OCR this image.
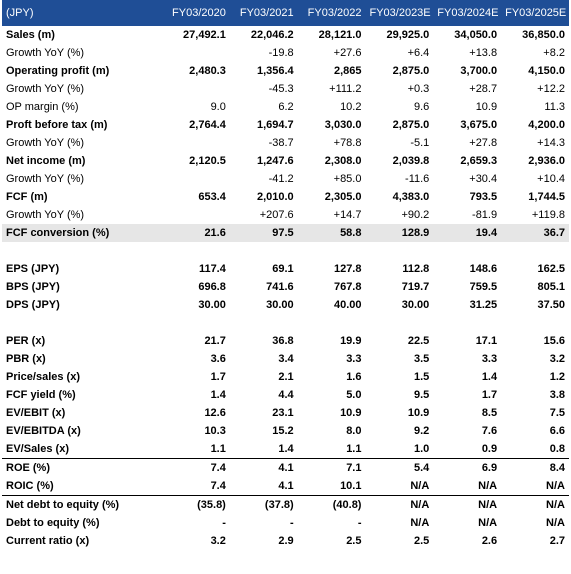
(JPY)	FY03/2020	FY03/2021	FY03/2022	FY03/2023E	FY03/2024E	FY03/2025E
Sales (m)	27,492.1	22,046.2	28,121.0	29,925.0	34,050.0	36,850.0
Growth YoY (%)		-19.8	+27.6	+6.4	+13.8	+8.2
Operating profit (m)	2,480.3	1,356.4	2,865	2,875.0	3,700.0	4,150.0
Growth YoY (%)		-45.3	+111.2	+0.3	+28.7	+12.2
OP margin (%)	9.0	6.2	10.2	9.6	10.9	11.3
Proft before tax (m)	2,764.4	1,694.7	3,030.0	2,875.0	3,675.0	4,200.0
Growth YoY (%)		-38.7	+78.8	-5.1	+27.8	+14.3
Net income (m)	2,120.5	1,247.6	2,308.0	2,039.8	2,659.3	2,936.0
Growth YoY (%)		-41.2	+85.0	-11.6	+30.4	+10.4
FCF (m)	653.4	2,010.0	2,305.0	4,383.0	793.5	1,744.5
Growth YoY (%)		+207.6	+14.7	+90.2	-81.9	+119.8
FCF conversion (%)	21.6	97.5	58.8	128.9	19.4	36.7

EPS (JPY)	117.4	69.1	127.8	112.8	148.6	162.5
BPS (JPY)	696.8	741.6	767.8	719.7	759.5	805.1
DPS (JPY)	30.00	30.00	40.00	30.00	31.25	37.50

PER (x)	21.7	36.8	19.9	22.5	17.1	15.6
PBR (x)	3.6	3.4	3.3	3.5	3.3	3.2
Price/sales (x)	1.7	2.1	1.6	1.5	1.4	1.2
FCF yield (%)	1.4	4.4	5.0	9.5	1.7	3.8
EV/EBIT (x)	12.6	23.1	10.9	10.9	8.5	7.5
EV/EBITDA (x)	10.3	15.2	8.0	9.2	7.6	6.6
EV/Sales (x)	1.1	1.4	1.1	1.0	0.9	0.8
ROE (%)	7.4	4.1	7.1	5.4	6.9	8.4
ROIC (%)	7.4	4.1	10.1	N/A	N/A	N/A
Net debt to equity (%)	(35.8)	(37.8)	(40.8)	N/A	N/A	N/A
Debt to equity (%)	-	-	-	N/A	N/A	N/A
Current ratio (x)	3.2	2.9	2.5	2.5	2.6	2.7
